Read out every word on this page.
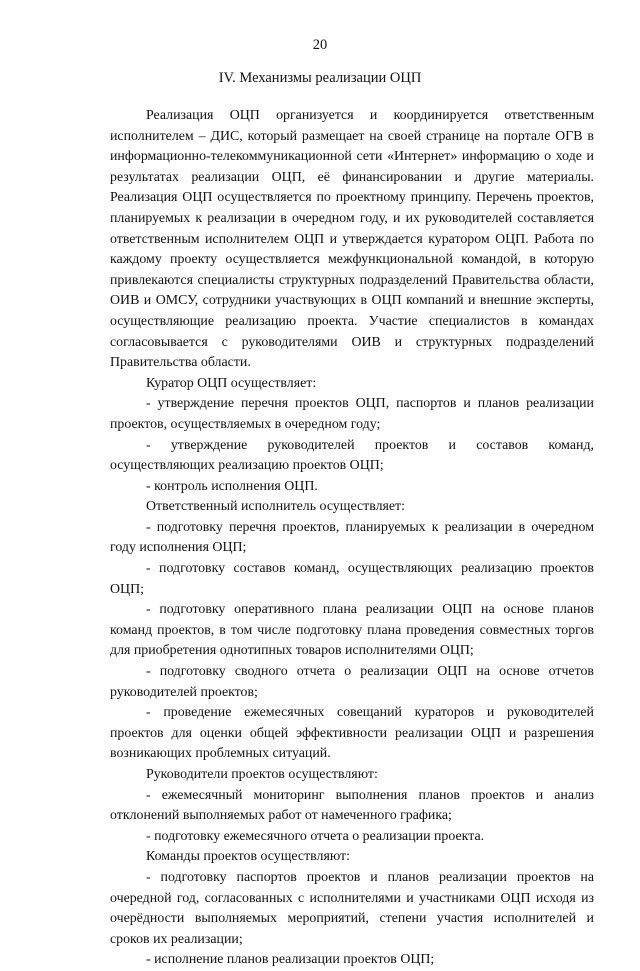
20
IV. Механизмы реализации ОЦП

Реализация ОЦП организуется и координируется ответственным исполнителем – ДИС, который размещает на своей странице на портале ОГВ в информационно-телекоммуникационной сети «Интернет» информацию о ходе и результатах реализации ОЦП, её финансировании и другие материалы. Реализация ОЦП осуществляется по проектному принципу. Перечень проектов, планируемых к реализации в очередном году, и их руководителей составляется ответственным исполнителем ОЦП и утверждается куратором ОЦП. Работа по каждому проекту осуществляется межфункциональной командой, в которую привлекаются специалисты структурных подразделений Правительства области, ОИВ и ОМСУ, сотрудники участвующих в ОЦП компаний и внешние эксперты, осуществляющие реализацию проекта. Участие специалистов в командах согласовывается с руководителями ОИВ и структурных подразделений Правительства области.

Куратор ОЦП осуществляет:

- утверждение перечня проектов ОЦП, паспортов и планов реализации проектов, осуществляемых в очередном году;

- утверждение руководителей проектов и составов команд, осуществляющих реализацию проектов ОЦП;

- контроль исполнения ОЦП.

Ответственный исполнитель осуществляет:

- подготовку перечня проектов, планируемых к реализации в очередном году исполнения ОЦП;

- подготовку составов команд, осуществляющих реализацию проектов ОЦП;

- подготовку оперативного плана реализации ОЦП на основе планов команд проектов, в том числе подготовку плана проведения совместных торгов для приобретения однотипных товаров исполнителями ОЦП;

- подготовку сводного отчета о реализации ОЦП на основе отчетов руководителей проектов;

- проведение ежемесячных совещаний кураторов и руководителей проектов для оценки общей эффективности реализации ОЦП и разрешения возникающих проблемных ситуаций.

Руководители проектов осуществляют:

- ежемесячный мониторинг выполнения планов проектов и анализ отклонений выполняемых работ от намеченного графика;

- подготовку ежемесячного отчета о реализации проекта.

Команды проектов осуществляют:

- подготовку паспортов проектов и планов реализации проектов на очередной год, согласованных с исполнителями и участниками ОЦП исходя из очерёдности выполняемых мероприятий, степени участия исполнителей и сроков их реализации;

- исполнение планов реализации проектов ОЦП;
